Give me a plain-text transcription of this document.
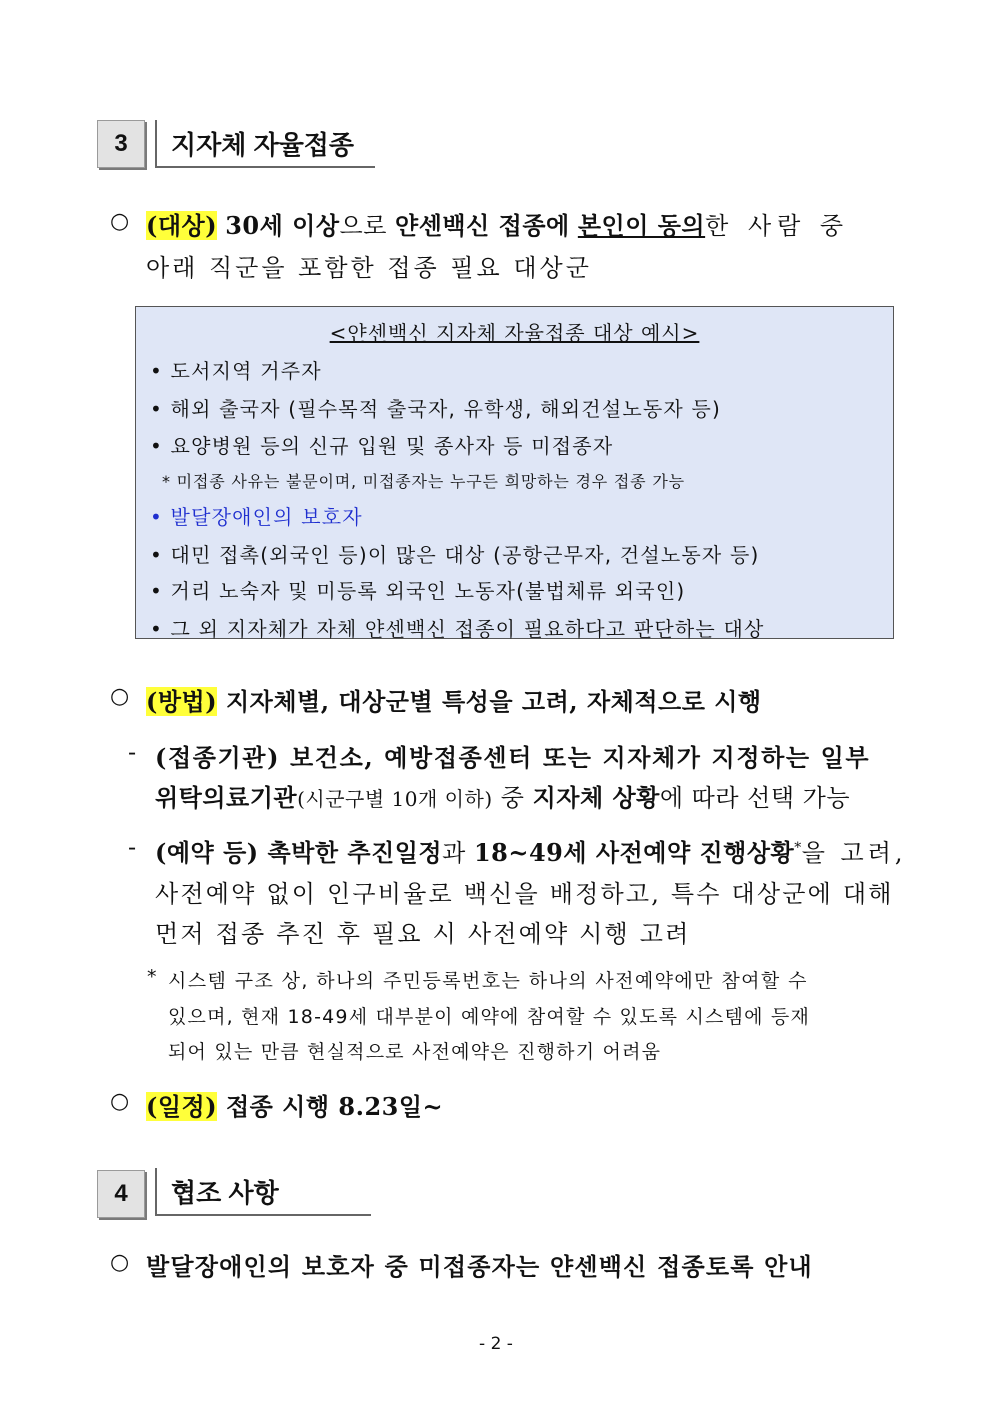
3	지자체 자율접종
○ (대상) 30세 이상으로 얀센백신 접종에 본인이 동의한 사람 중
아래 직군을 포함한 접종 필요 대상군
<얀센백신 지자체 자율접종 대상 예시>
• 도서지역 거주자
• 해외 출국자 (필수목적 출국자, 유학생, 해외건설노동자 등)
• 요양병원 등의 신규 입원 및 종사자 등 미접종자
* 미접종 사유는 불문이며, 미접종자는 누구든 희망하는 경우 접종 가능
• 발달장애인의 보호자
• 대민 접촉(외국인 등)이 많은 대상 (공항근무자, 건설노동자 등)
• 거리 노숙자 및 미등록 외국인 노동자(불법체류 외국인)
• 그 외 지자체가 자체 얀센백신 접종이 필요하다고 판단하는 대상
○ (방법) 지자체별, 대상군별 특성을 고려, 자체적으로 시행
- (접종기관) 보건소, 예방접종센터 또는 지자체가 지정하는 일부
위탁의료기관(시군구별 10개 이하) 중 지자체 상황에 따라 선택 가능
- (예약 등) 촉박한 추진일정과 18~49세 사전예약 진행상황*을 고려,
사전예약 없이 인구비율로 백신을 배정하고, 특수 대상군에 대해
먼저 접종 추진 후 필요 시 사전예약 시행 고려
* 시스템 구조 상, 하나의 주민등록번호는 하나의 사전예약에만 참여할 수
있으며, 현재 18-49세 대부분이 예약에 참여할 수 있도록 시스템에 등재
되어 있는 만큼 현실적으로 사전예약은 진행하기 어려움
○ (일정) 접종 시행 8.23일~
4	협조 사항
○ 발달장애인의 보호자 중 미접종자는 얀센백신 접종토록 안내
- 2 -
